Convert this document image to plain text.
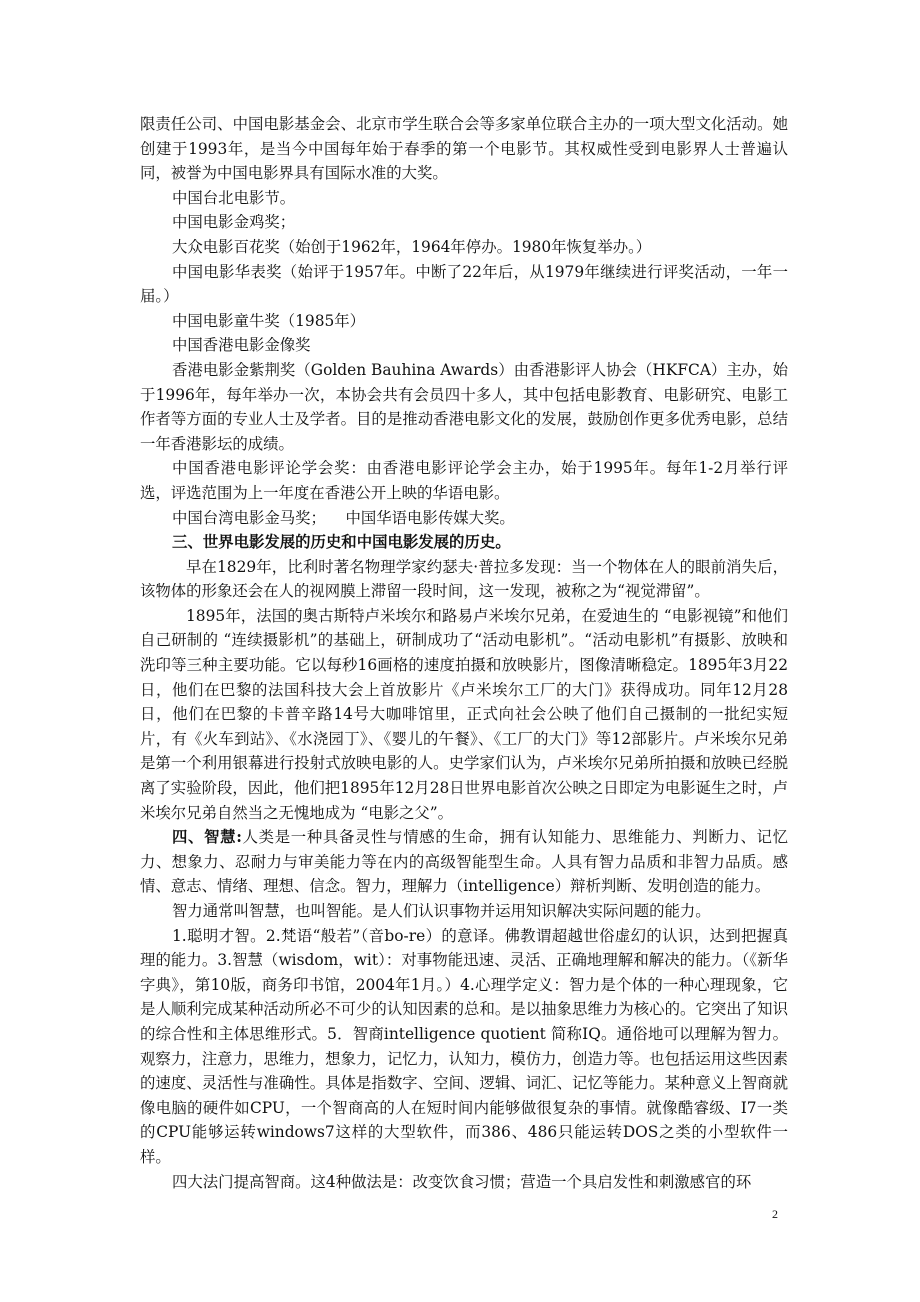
限责任公司、中国电影基金会、北京市学生联合会等多家单位联合主办的一项大型文化活动。她创建于1993年，是当今中国每年始于春季的第一个电影节。其权威性受到电影界人士普遍认同，被誉为中国电影界具有国际水准的大奖。

中国台北电影节。

中国电影金鸡奖；

大众电影百花奖（始创于1962年，1964年停办。1980年恢复举办。）

中国电影华表奖（始评于1957年。中断了22年后，从1979年继续进行评奖活动，一年一届。）

中国电影童牛奖（1985年）

中国香港电影金像奖

香港电影金紫荆奖（Golden Bauhina Awards）由香港影评人协会（HKFCA）主办，始于1996年，每年举办一次，本协会共有会员四十多人，其中包括电影教育、电影研究、电影工作者等方面的专业人士及学者。目的是推动香港电影文化的发展，鼓励创作更多优秀电影，总结一年香港影坛的成绩。

中国香港电影评论学会奖：由香港电影评论学会主办，始于1995年。每年1-2月举行评选，评选范围为上一年度在香港公开上映的华语电影。

中国台湾电影金马奖；    中国华语电影传媒大奖。

三、世界电影发展的历史和中国电影发展的历史。

早在1829年，比利时著名物理学家约瑟夫·普拉多发现：当一个物体在人的眼前消失后，该物体的形象还会在人的视网膜上滞留一段时间，这一发现，被称之为“视觉滞留”。

1895年，法国的奥古斯特卢米埃尔和路易卢米埃尔兄弟，在爱迪生的 “电影视镜”和他们自己研制的 “连续摄影机”的基础上，研制成功了“活动电影机”。“活动电影机”有摄影、放映和洗印等三种主要功能。它以每秒16画格的速度拍摄和放映影片，图像清晰稳定。1895年3月22日，他们在巴黎的法国科技大会上首放影片《卢米埃尔工厂的大门》获得成功。同年12月28日，他们在巴黎的卡普辛路14号大咖啡馆里，正式向社会公映了他们自己摄制的一批纪实短片，有《火车到站》、《水浇园丁》、《婴儿的午餐》、《工厂的大门》等12部影片。卢米埃尔兄弟是第一个利用银幕进行投射式放映电影的人。史学家们认为，卢米埃尔兄弟所拍摄和放映已经脱离了实验阶段，因此，他们把1895年12月28日世界电影首次公映之日即定为电影诞生之时，卢米埃尔兄弟自然当之无愧地成为 “电影之父”。

四、智慧:人类是一种具备灵性与情感的生命，拥有认知能力、思维能力、判断力、记忆力、想象力、忍耐力与审美能力等在内的高级智能型生命。人具有智力品质和非智力品质。感情、意志、情绪、理想、信念。智力，理解力（intelligence）辩析判断、发明创造的能力。

智力通常叫智慧，也叫智能。是人们认识事物并运用知识解决实际问题的能力。

1.聪明才智。2.梵语“般若”（音bo-re）的意译。佛教谓超越世俗虚幻的认识，达到把握真理的能力。3.智慧（wisdom，wit）：对事物能迅速、灵活、正确地理解和解决的能力。（《新华字典》，第10版，商务印书馆，2004年1月。）4.心理学定义：智力是个体的一种心理现象，它是人顺利完成某种活动所必不可少的认知因素的总和。是以抽象思维力为核心的。它突出了知识的综合性和主体思维形式。5．智商intelligence quotient 简称IQ。通俗地可以理解为智力。观察力，注意力，思维力，想象力，记忆力，认知力，模仿力，创造力等。也包括运用这些因素的速度、灵活性与准确性。具体是指数字、空间、逻辑、词汇、记忆等能力。某种意义上智商就像电脑的硬件如CPU，一个智商高的人在短时间内能够做很复杂的事情。就像酷睿级、I7一类的CPU能够运转windows7这样的大型软件，而386、486只能运转DOS之类的小型软件一样。

四大法门提高智商。这4种做法是：改变饮食习惯；营造一个具启发性和刺激感官的环

2
